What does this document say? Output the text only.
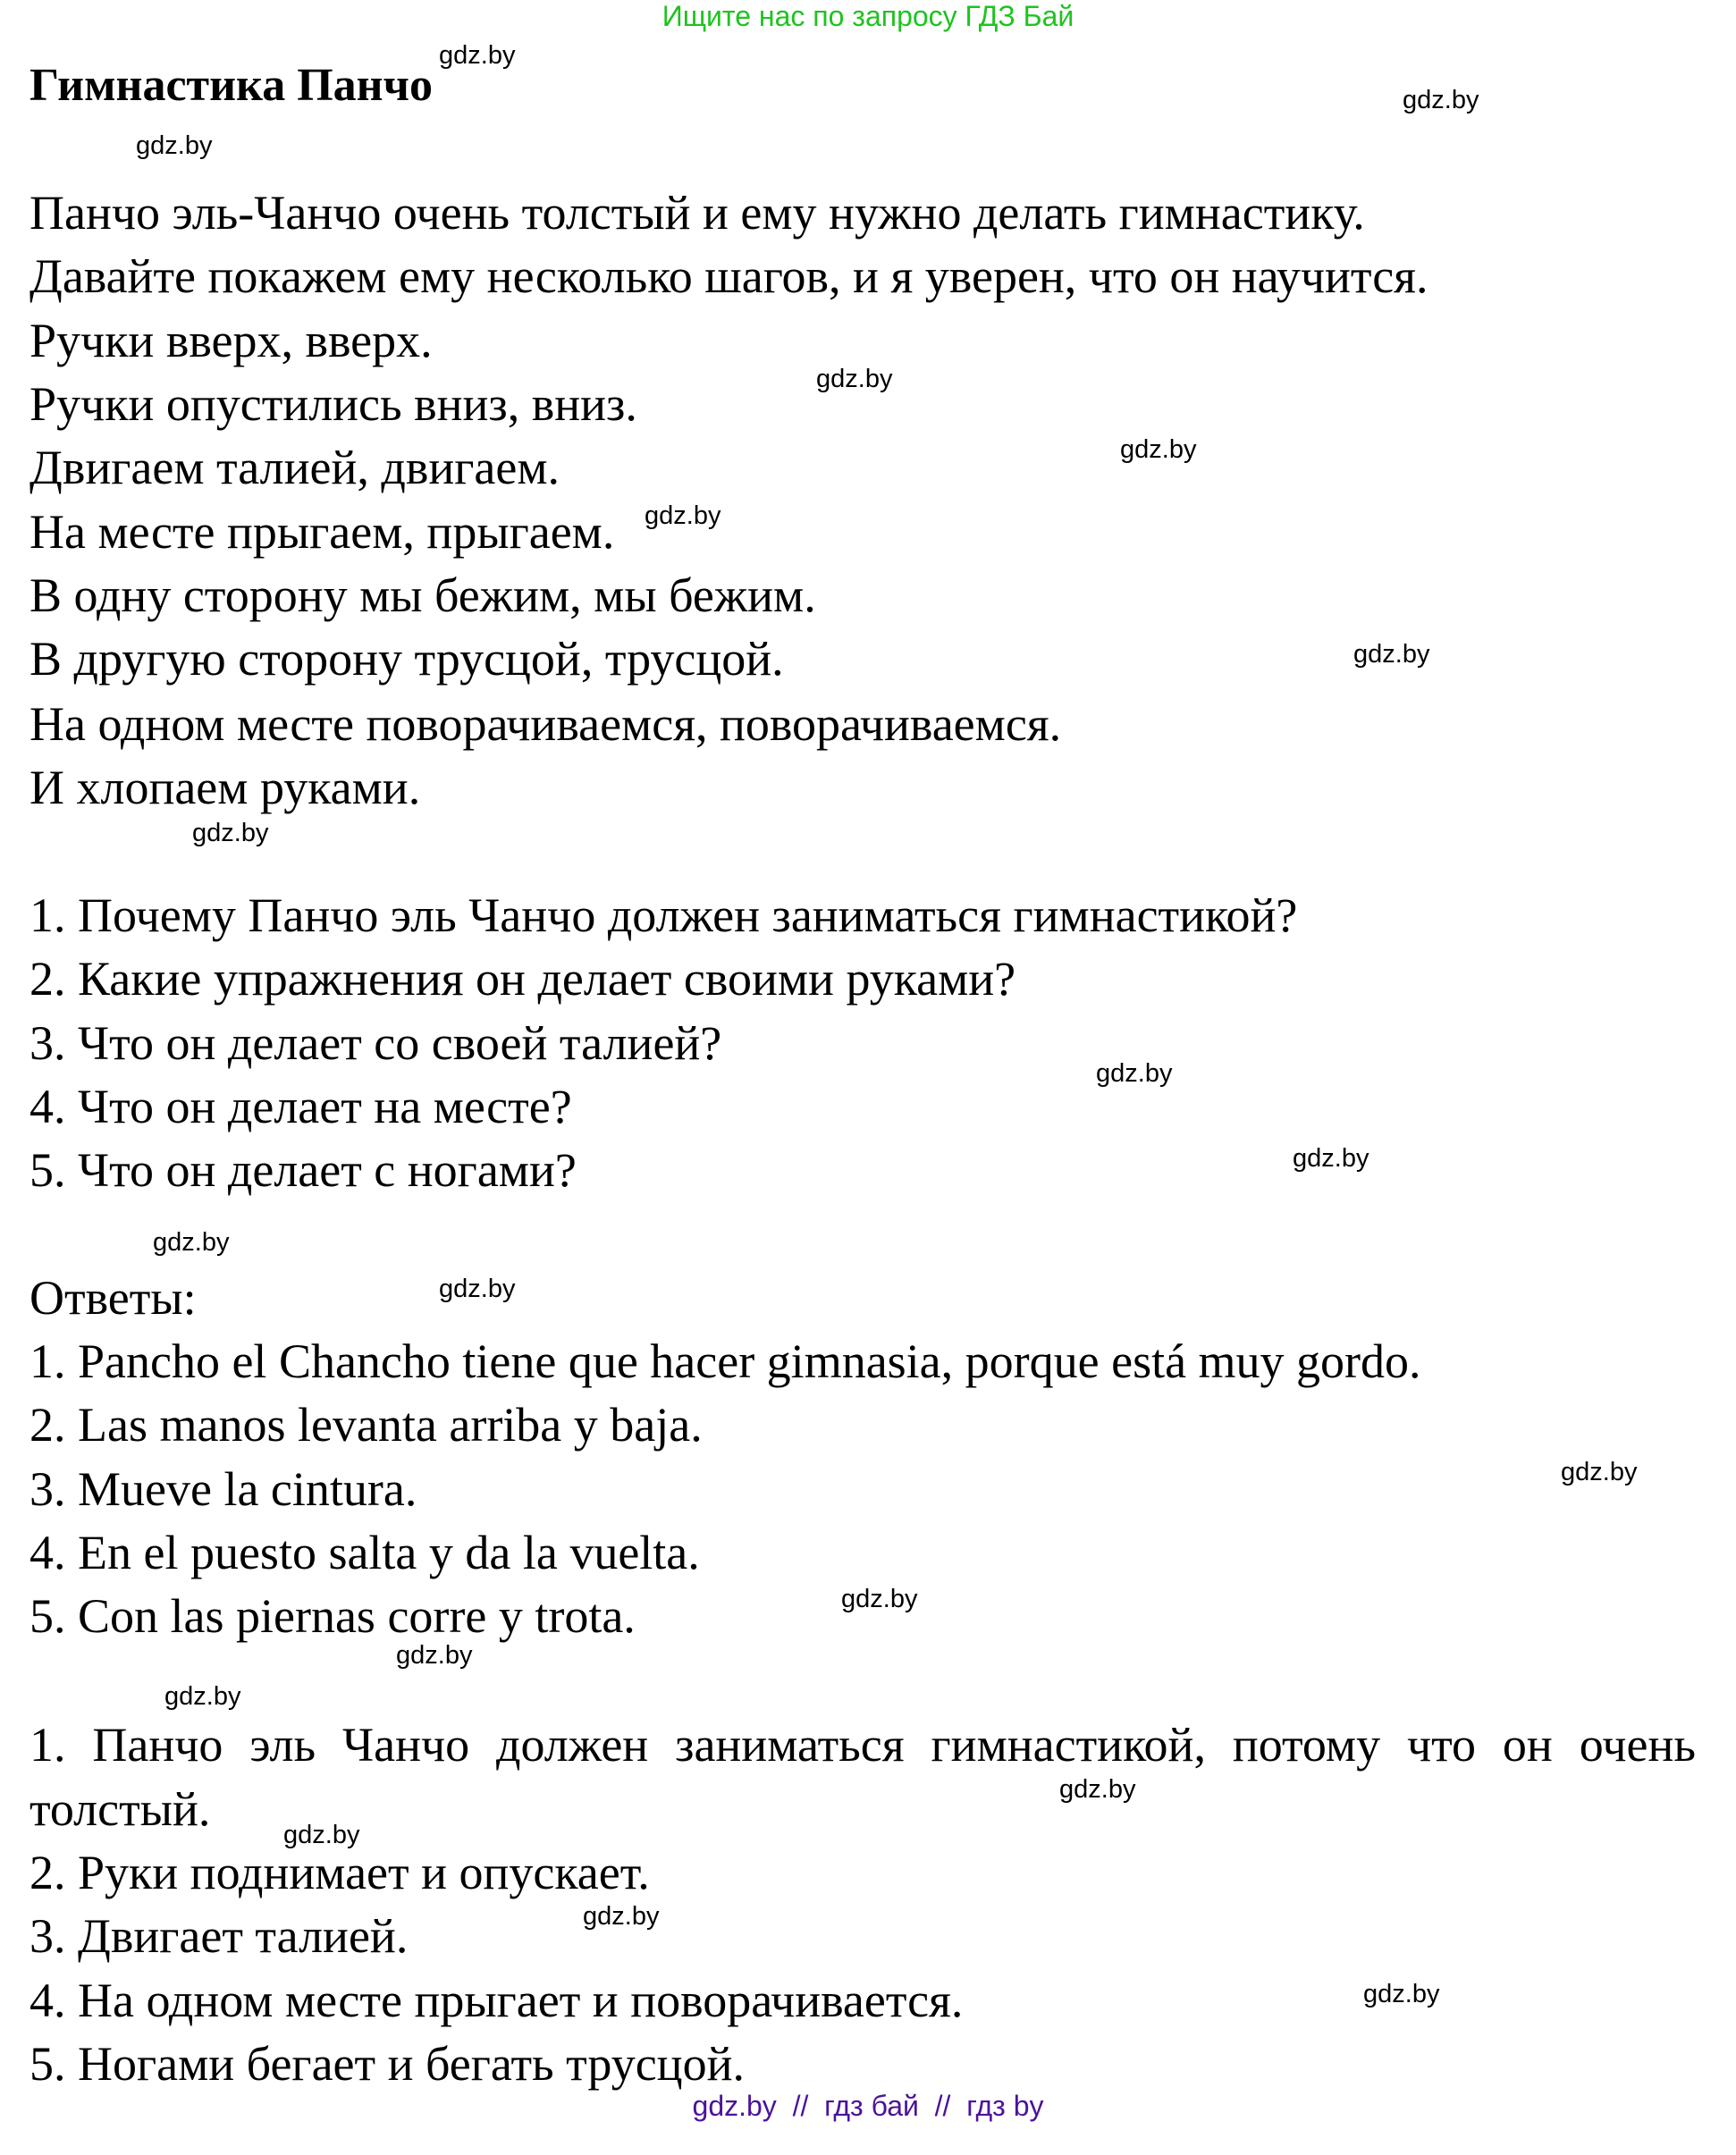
Ищите нас по запросу ГДЗ Бай
Гимнастика Панчо
Панчо эль-Чанчо очень толстый и ему нужно делать гимнастику.
Давайте покажем ему несколько шагов, и я уверен, что он научится.
Ручки вверх, вверх.
Ручки опустились вниз, вниз.
Двигаем талией, двигаем.
На месте прыгаем, прыгаем.
В одну сторону мы бежим, мы бежим.
В другую сторону трусцой, трусцой.
На одном месте поворачиваемся, поворачиваемся.
И хлопаем руками.
1. Почему Панчо эль Чанчо должен заниматься гимнастикой?
2. Какие упражнения он делает своими руками?
3. Что он делает со своей талией?
4. Что он делает на месте?
5. Что он делает с ногами?
Ответы:
1. Pancho el Chancho tiene que hacer gimnasia, porque está muy gordo.
2. Las manos levanta arriba y baja.
3. Mueve la cintura.
4. En el puesto salta y da la vuelta.
5. Con las piernas corre y trota.
1. Панчо эль Чанчо должен заниматься гимнастикой, потому что он очень толстый.
2. Руки поднимает и опускает.
3. Двигает талией.
4. На одном месте прыгает и поворачивается.
5. Ногами бегает и бегать трусцой.
gdz.by
gdz.by
gdz.by
gdz.by
gdz.by
gdz.by
gdz.by
gdz.by
gdz.by
gdz.by
gdz.by
gdz.by
gdz.by
gdz.by
gdz.by
gdz.by
gdz.by
gdz.by
gdz.by
gdz.by
gdz.by  //  гдз бай  //  гдз by
